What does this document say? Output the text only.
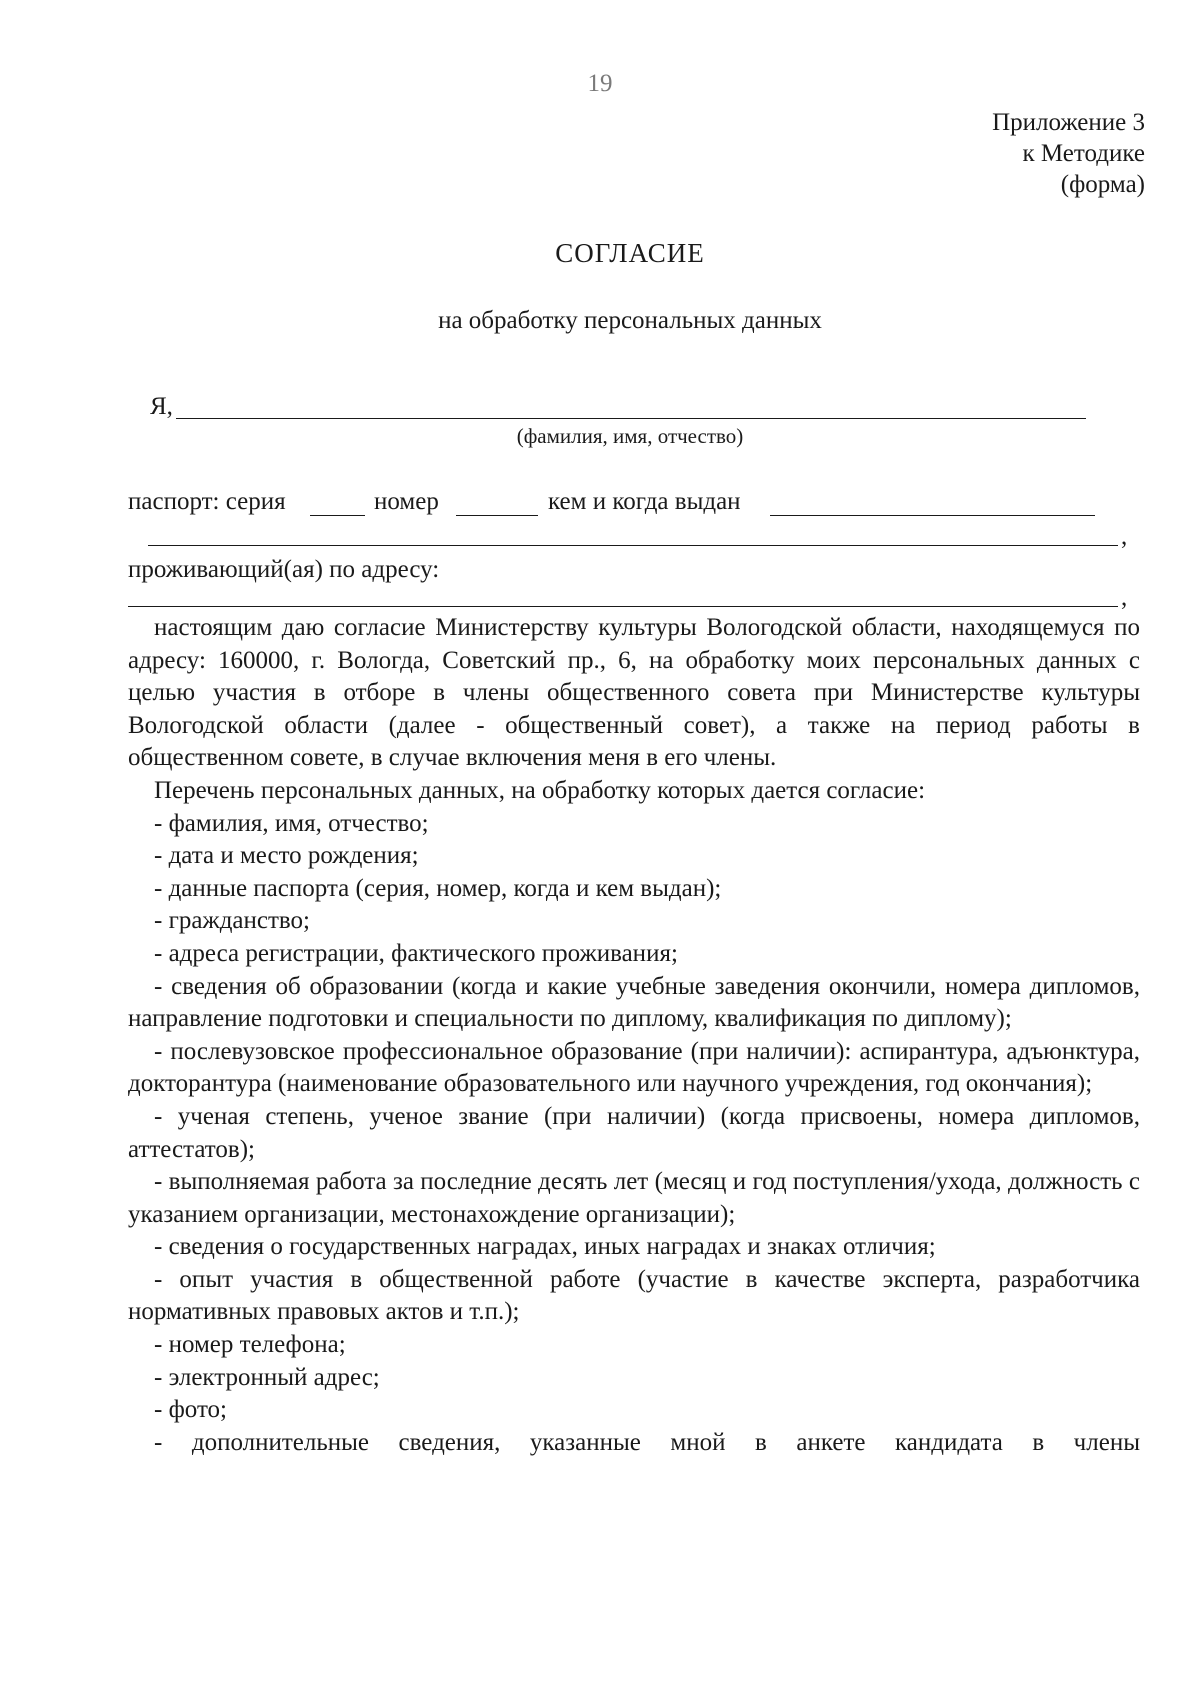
19
Приложение 3
к Методике
(форма)
СОГЛАСИЕ
на обработку персональных данных
Я,
(фамилия, имя, отчество)
паспорт: серия	номер	кем и когда выдан
,
проживающий(ая) по адресу:
,

настоящим даю согласие Министерству культуры Вологодской области, находящемуся по адресу: 160000, г. Вологда, Советский пр., 6, на обработку моих персональных данных с целью участия в отборе в члены общественного совета при Министерстве культуры Вологодской области (далее - общественный совет), а также на период работы в общественном совете, в случае включения меня в его члены.

Перечень персональных данных, на обработку которых дается согласие:

- фамилия, имя, отчество;

- дата и место рождения;

- данные паспорта (серия, номер, когда и кем выдан);

- гражданство;

- адреса регистрации, фактического проживания;

- сведения об образовании (когда и какие учебные заведения окончили, номера дипломов, направление подготовки и специальности по диплому, квалификация по диплому);

- послевузовское профессиональное образование (при наличии): аспирантура, адъюнктура, докторантура (наименование образовательного или научного учреждения, год окончания);

- ученая степень, ученое звание (при наличии) (когда присвоены, номера дипломов, аттестатов);

- выполняемая работа за последние десять лет (месяц и год поступления/ухода, должность с указанием организации, местонахождение организации);

- сведения о государственных наградах, иных наградах и знаках отличия;

- опыт участия в общественной работе (участие в качестве эксперта, разработчика нормативных правовых актов и т.п.);

- номер телефона;

- электронный адрес;

- фото;

- дополнительные сведения, указанные мной в анкете кандидата в члены
